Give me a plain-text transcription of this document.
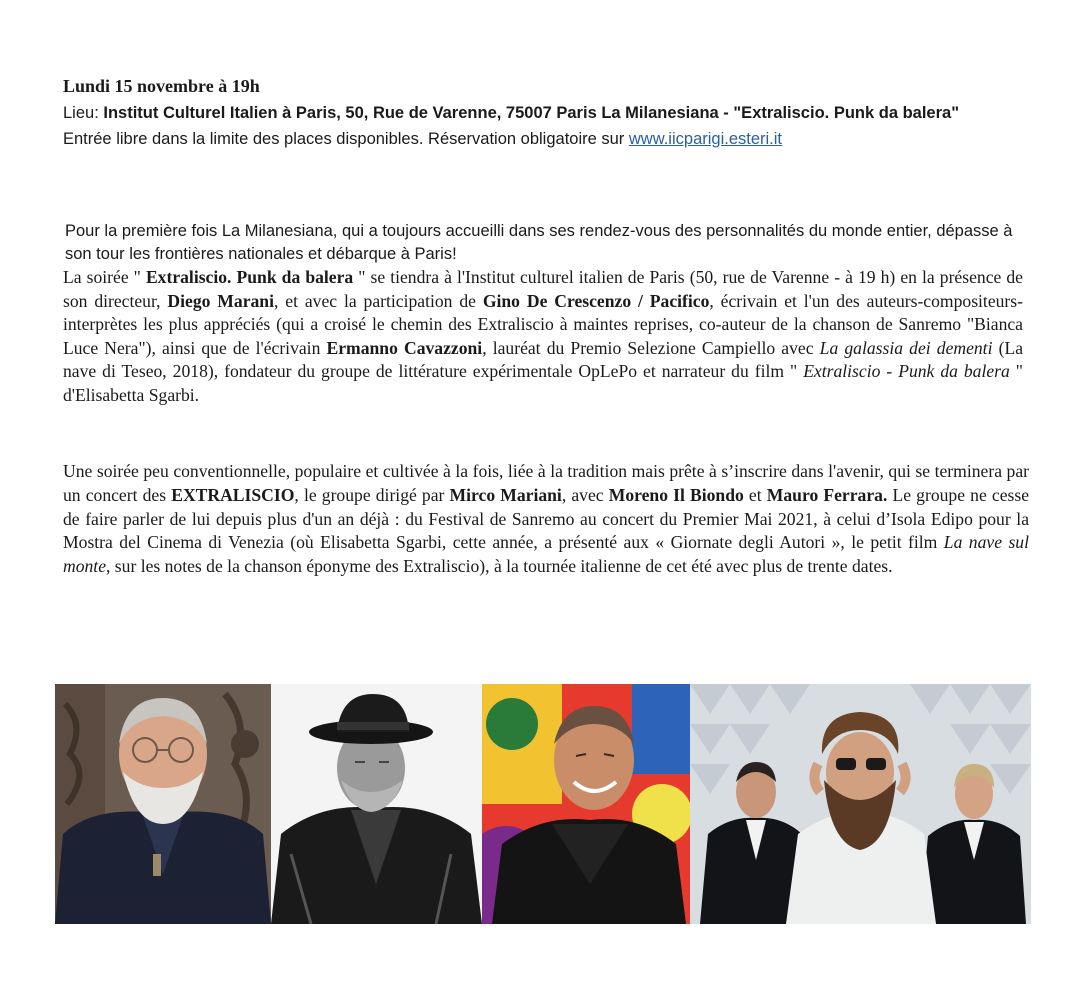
Lundi 15 novembre à 19h
Lieu: Institut Culturel Italien à Paris, 50, Rue de Varenne, 75007 Paris La Milanesiana - "Extraliscio. Punk da balera"
Entrée libre dans la limite des places disponibles. Réservation obligatoire sur www.iicparigi.esteri.it
Pour la première fois La Milanesiana, qui a toujours accueilli dans ses rendez-vous des personnalités du monde entier, dépasse à son tour les frontières nationales et débarque à Paris!
La soirée " Extraliscio. Punk da balera " se tiendra à l'Institut culturel italien de Paris (50, rue de Varenne - à 19 h) en la présence de son directeur, Diego Marani, et avec la participation de Gino De Crescenzo / Pacifico, écrivain et l'un des auteurs-compositeurs-interprètes les plus appréciés (qui a croisé le chemin des Extraliscio à maintes reprises, co-auteur de la chanson de Sanremo "Bianca Luce Nera"), ainsi que de l'écrivain Ermanno Cavazzoni, lauréat du Premio Selezione Campiello avec La galassia dei dementi (La nave di Teseo, 2018), fondateur du groupe de littérature expérimentale OpLePo et narrateur du film " Extraliscio - Punk da balera " d'Elisabetta Sgarbi.
Une soirée peu conventionnelle, populaire et cultivée à la fois, liée à la tradition mais prête à s’inscrire dans l'avenir, qui se terminera par un concert des EXTRALISCIO, le groupe dirigé par Mirco Mariani, avec Moreno Il Biondo et Mauro Ferrara. Le groupe ne cesse de faire parler de lui depuis plus d'un an déjà : du Festival de Sanremo au concert du Premier Mai 2021, à celui d’Isola Edipo pour la Mostra del Cinema di Venezia (où Elisabetta Sgarbi, cette année, a présenté aux « Giornate degli Autori », le petit film La nave sul monte, sur les notes de la chanson éponyme des Extraliscio), à la tournée italienne de cet été avec plus de trente dates.
